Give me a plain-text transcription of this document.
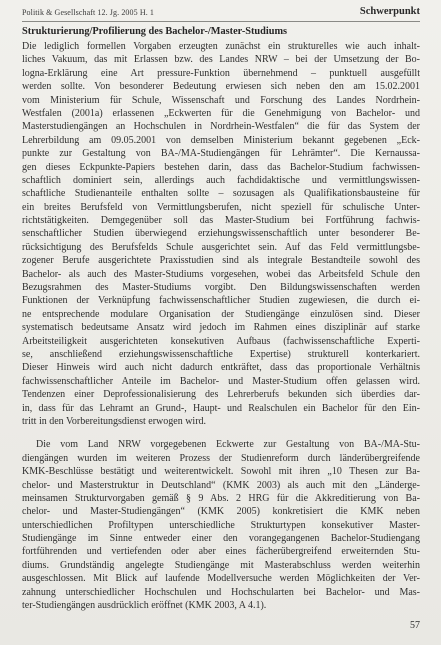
Politik & Gesellschaft 12. Jg. 2005 H. 1	Schwerpunkt
Strukturierung/Profilierung des Bachelor-/Master-Studiums
Die lediglich formellen Vorgaben erzeugten zunächst ein strukturelles wie auch inhalt-
liches Vakuum, das mit Erlassen bzw. des Landes NRW – bei der Umsetzung der Bo-
logna-Erklärung eine Art pressure-Funktion übernehmend – punktuell ausgefüllt
werden sollte. Von besonderer Bedeutung erwiesen sich neben den am 15.02.2001
vom Ministerium für Schule, Wissenschaft und Forschung des Landes Nordrhein-
Westfalen (2001a) erlassenen „Eckwerten für die Genehmigung von Bachelor- und
Masterstudiengängen an Hochschulen in Nordrhein-Westfalen“ die für das System der
Lehrerbildung am 09.05.2001 von demselben Ministerium bekannt gegebenen „Eck-
punkte zur Gestaltung von BA-/MA-Studiengängen für Lehrämter“. Die Kernaussa-
gen dieses Eckpunkte-Papiers bestehen darin, dass das Bachelor-Studium fachwissen-
schaftlich dominiert sein, allerdings auch fachdidaktische und vermittlungswissen-
schaftliche Studienanteile enthalten sollte – sozusagen als Qualifikationsbausteine für
ein breites Berufsfeld von Vermittlungsberufen, nicht speziell für schulische Unter-
richtstätigkeiten. Demgegenüber soll das Master-Studium bei Fortführung fachwis-
senschaftlicher Studien überwiegend erziehungswissenschaftlich unter besonderer Be-
rücksichtigung des Berufsfelds Schule ausgerichtet sein. Auf das Feld vermittlungsbe-
zogener Berufe ausgerichtete Praxisstudien sind als integrale Bestandteile sowohl des
Bachelor- als auch des Master-Studiums vorgesehen, wobei das Arbeitsfeld Schule den
Bezugsrahmen des Master-Studiums vorgibt. Den Bildungswissenschaften werden
Funktionen der Verknüpfung fachwissenschaftlicher Studien zugewiesen, die durch ei-
ne entsprechende modulare Organisation der Studiengänge einzulösen sind. Dieser
systematisch bedeutsame Ansatz wird jedoch im Rahmen eines disziplinär auf starke
Arbeitsteiligkeit ausgerichteten konsekutiven Aufbaus (fachwissenschaftliche Experti-
se, anschließend erziehungswissenschaftliche Expertise) strukturell konterkariert.
Dieser Hinweis wird auch nicht dadurch entkräftet, dass das proportionale Verhältnis
fachwissenschaftlicher Anteile im Bachelor- und Master-Studium offen gelassen wird.
Tendenzen einer Deprofessionalisierung des Lehrerberufs bekunden sich überdies dar-
in, dass für das Lehramt an Grund-, Haupt- und Realschulen ein Bachelor für den Ein-
tritt in den Vorbereitungsdienst erwogen wird.
Die vom Land NRW vorgegebenen Eckwerte zur Gestaltung von BA-/MA-Stu-
diengängen wurden im weiteren Prozess der Studienreform durch länderübergreifende
KMK-Beschlüsse bestätigt und weiterentwickelt. Sowohl mit ihren „10 Thesen zur Ba-
chelor- und Masterstruktur in Deutschland“ (KMK 2003) als auch mit den „Länderge-
meinsamen Strukturvorgaben gemäß § 9 Abs. 2 HRG für die Akkreditierung von Ba-
chelor- und Master-Studiengängen“ (KMK 2005) konkretisiert die KMK neben
unterschiedlichen Profiltypen unterschiedliche Strukturtypen konsekutiver Master-
Studiengänge im Sinne entweder einer den vorangegangenen Bachelor-Studiengang
fortführenden und vertiefenden oder aber eines fächerübergreifend erweiternden Stu-
diums. Grundständig angelegte Studiengänge mit Masterabschluss werden weiterhin
ausgeschlossen. Mit Blick auf laufende Modellversuche werden Möglichkeiten der Ver-
zahnung unterschiedlicher Hochschulen und Hochschularten bei Bachelor- und Mas-
ter-Studiengängen ausdrücklich eröffnet (KMK 2003, A 4.1).
57
